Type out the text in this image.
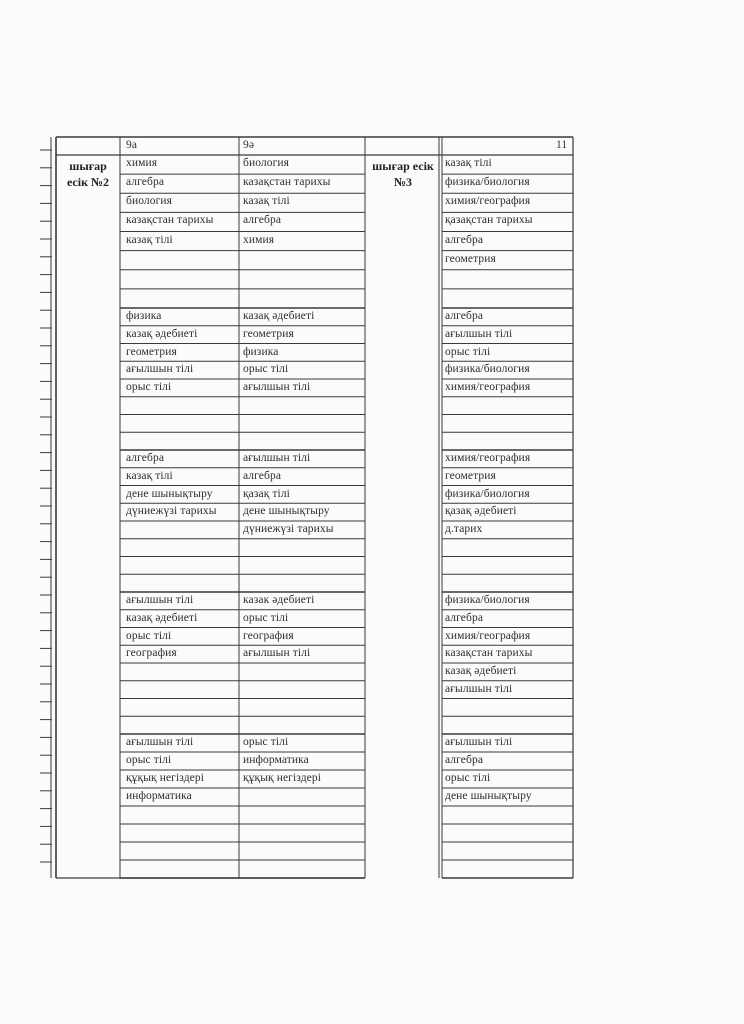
химия
алгебра
биология
казақстан тарихы
казақ тілі
биология
казақстан тарихы
казақ тілі
алгебра
химия
казақ тілі
физика/биология
химия/география
қазақстан тарихы
алгебра
геометрия
физика
казақ әдебиеті
геометрия
ағылшын тілі
орыс тілі
казақ әдебиеті
геометрия
физика
орыс тілі
ағылшын тілі
алгебра
ағылшын тілі
орыс тілі
физика/биология
химия/география
алгебра
казақ тілі
дене шынықтыру
дүниежүзі тарихы
ағылшын тілі
алгебра
қазақ тілі
дене шынықтыру
дүниежүзі тарихы
химия/география
геометрия
физика/биология
қазақ әдебиеті
д.тарих
ағылшын тілі
казақ әдебиеті
орыс тілі
география
казак әдебиеті
орыс тілі
география
ағылшын тілі
физика/биология
алгебра
химия/география
казақстан тарихы
казақ әдебиеті
ағылшын тілі
ағылшын тілі
орыс тілі
құқық негіздері
информатика
орыс тілі
информатика
құқық негіздері
ағылшын тілі
алгебра
орыс тілі
дене шынықтыру
9а	9ә	11
шығар
есік №2
шығар есік
№3
